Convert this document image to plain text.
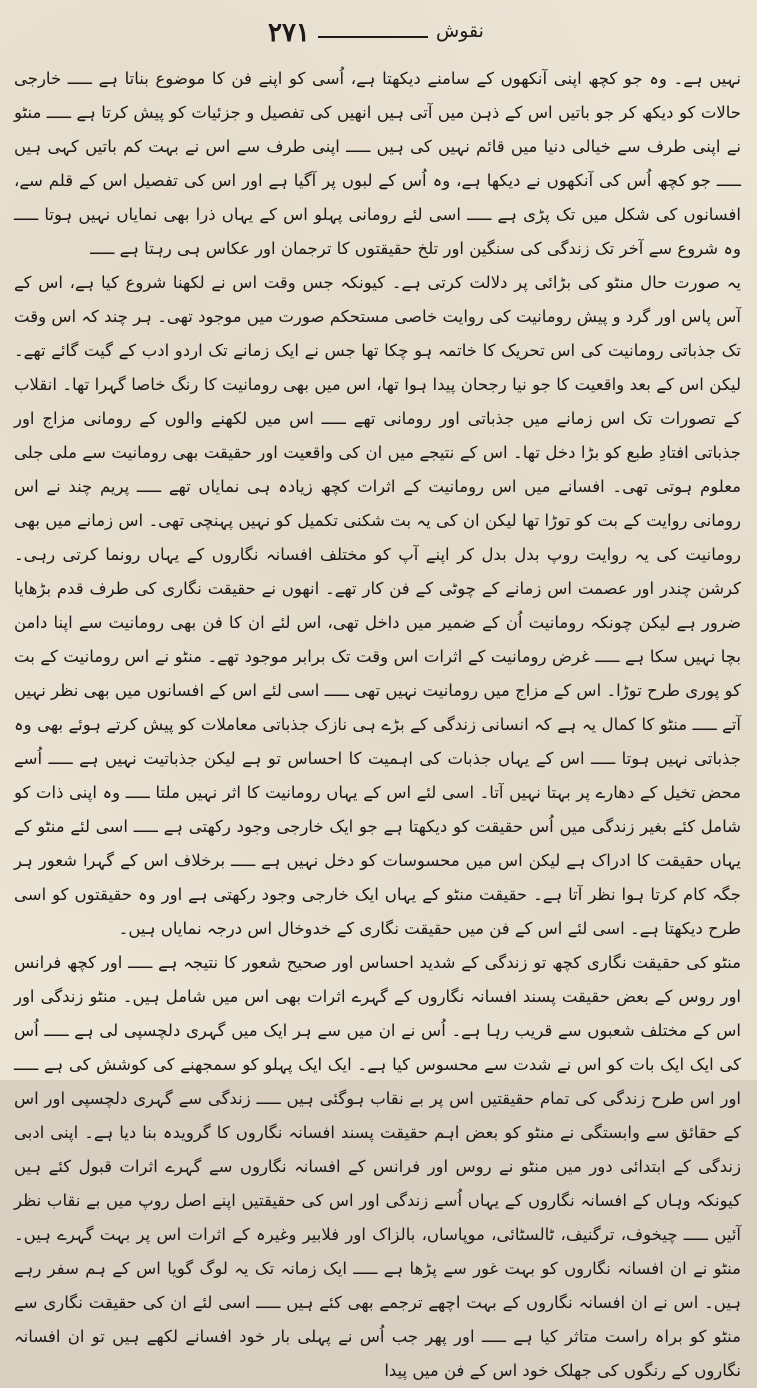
۲۷۱	نقوش

نہیں ہے۔ وہ جو کچھ اپنی آنکھوں کے سامنے دیکھتا ہے، اُسی کو اپنے فن کا موضوع بناتا ہے ـــــ خارجی حالات کو دیکھ کر جو باتیں اس کے ذہن میں آتی ہیں انھیں کی تفصیل و جزئیات کو پیش کرتا ہے ـــــ منٹو نے اپنی طرف سے خیالی دنیا میں قائم نہیں کی ہیں ـــــ اپنی طرف سے اس نے بہت کم باتیں کہی ہیں ـــــ جو کچھ اُس کی آنکھوں نے دیکھا ہے، وہ اُس کے لبوں پر آگیا ہے اور اس کی تفصیل اس کے قلم سے، افسانوں کی شکل میں تک پڑی ہے ـــــ اسی لئے رومانی پہلو اس کے یہاں ذرا بھی نمایاں نہیں ہوتا ـــــ وہ شروع سے آخر تک زندگی کی سنگین اور تلخ حقیقتوں کا ترجمان اور عکاس ہی رہتا ہے ـــــ

یہ صورت حال منٹو کی بڑائی پر دلالت کرتی ہے۔ کیونکہ جس وقت اس نے لکھنا شروع کیا ہے، اس کے آس پاس اور گرد و پیش رومانیت کی روایت خاصی مستحکم صورت میں موجود تھی۔ ہر چند کہ اس وقت تک جذباتی رومانیت کی اس تحریک کا خاتمہ ہو چکا تھا جس نے ایک زمانے تک اردو ادب کے گیت گائے تھے۔ لیکن اس کے بعد واقعیت کا جو نیا رجحان پیدا ہوا تھا، اس میں بھی رومانیت کا رنگ خاصا گہرا تھا۔ انقلاب کے تصورات تک اس زمانے میں جذباتی اور رومانی تھے ـــــ اس میں لکھنے والوں کے رومانی مزاج اور جذباتی افتادِ طبع کو بڑا دخل تھا۔ اس کے نتیجے میں ان کی واقعیت اور حقیقت بھی رومانیت سے ملی جلی معلوم ہوتی تھی۔ افسانے میں اس رومانیت کے اثرات کچھ زیادہ ہی نمایاں تھے ـــــ پریم چند نے اس رومانی روایت کے بت کو توڑا تھا لیکن ان کی یہ بت شکنی تکمیل کو نہیں پہنچی تھی۔ اس زمانے میں بھی رومانیت کی یہ روایت روپ بدل بدل کر اپنے آپ کو مختلف افسانہ نگاروں کے یہاں رونما کرتی رہی۔ کرشن چندر اور عصمت اس زمانے کے چوٹی کے فن کار تھے۔ انھوں نے حقیقت نگاری کی طرف قدم بڑھایا ضرور ہے لیکن چونکہ رومانیت اُن کے ضمیر میں داخل تھی، اس لئے ان کا فن بھی رومانیت سے اپنا دامن بچا نہیں سکا ہے ـــــ غرض رومانیت کے اثرات اس وقت تک برابر موجود تھے۔ منٹو نے اس رومانیت کے بت کو پوری طرح توڑا۔ اس کے مزاج میں رومانیت نہیں تھی ـــــ اسی لئے اس کے افسانوں میں بھی نظر نہیں آتے ـــــ منٹو کا کمال یہ ہے کہ انسانی زندگی کے بڑے ہی نازک جذباتی معاملات کو پیش کرتے ہوئے بھی وہ جذباتی نہیں ہوتا ـــــ اس کے یہاں جذبات کی اہمیت کا احساس تو ہے لیکن جذباتیت نہیں ہے ـــــ اُسے محض تخیل کے دھارے پر بہتا نہیں آتا۔ اسی لئے اس کے یہاں رومانیت کا اثر نہیں ملتا ـــــ وہ اپنی ذات کو شامل کئے بغیر زندگی میں اُس حقیقت کو دیکھتا ہے جو ایک خارجی وجود رکھتی ہے ـــــ اسی لئے منٹو کے یہاں حقیقت کا ادراک ہے لیکن اس میں محسوسات کو دخل نہیں ہے ـــــ برخلاف اس کے گہرا شعور ہر جگہ کام کرتا ہوا نظر آتا ہے۔ حقیقت منٹو کے یہاں ایک خارجی وجود رکھتی ہے اور وہ حقیقتوں کو اسی طرح دیکھتا ہے۔ اسی لئے اس کے فن میں حقیقت نگاری کے خدوخال اس درجہ نمایاں ہیں۔

منٹو کی حقیقت نگاری کچھ تو زندگی کے شدید احساس اور صحیح شعور کا نتیجہ ہے ـــــ اور کچھ فرانس اور روس کے بعض حقیقت پسند افسانہ نگاروں کے گہرے اثرات بھی اس میں شامل ہیں۔ منٹو زندگی اور اس کے مختلف شعبوں سے قریب رہا ہے۔ اُس نے ان میں سے ہر ایک میں گہری دلچسپی لی ہے ـــــ اُس کی ایک ایک بات کو اس نے شدت سے محسوس کیا ہے۔ ایک ایک پہلو کو سمجھنے کی کوشش کی ہے ـــــ اور اس طرح زندگی کی تمام حقیقتیں اس پر بے نقاب ہوگئی ہیں ـــــ زندگی سے گہری دلچسپی اور اس کے حقائق سے وابستگی نے منٹو کو بعض اہم حقیقت پسند افسانہ نگاروں کا گرویدہ بنا دیا ہے۔ اپنی ادبی زندگی کے ابتدائی دور میں منٹو نے روس اور فرانس کے افسانہ نگاروں سے گہرے اثرات قبول کئے ہیں کیونکہ وہاں کے افسانہ نگاروں کے یہاں اُسے زندگی اور اس کی حقیقتیں اپنے اصل روپ میں بے نقاب نظر آئیں ـــــ چیخوف، ترگنیف، ٹالسٹائی، موپاساں، بالزاک اور فلابیر وغیرہ کے اثرات اس پر بہت گہرے ہیں۔ منٹو نے ان افسانہ نگاروں کو بہت غور سے پڑھا ہے ـــــ ایک زمانہ تک یہ لوگ گویا اس کے ہم سفر رہے ہیں۔ اس نے ان افسانہ نگاروں کے بہت اچھے ترجمے بھی کئے ہیں ـــــ اسی لئے ان کی حقیقت نگاری سے منٹو کو براہ راست متاثر کیا ہے ـــــ اور پھر جب اُس نے پہلی بار خود افسانے لکھے ہیں تو ان افسانہ نگاروں کے رنگوں کی جھلک خود اس کے فن میں پیدا
